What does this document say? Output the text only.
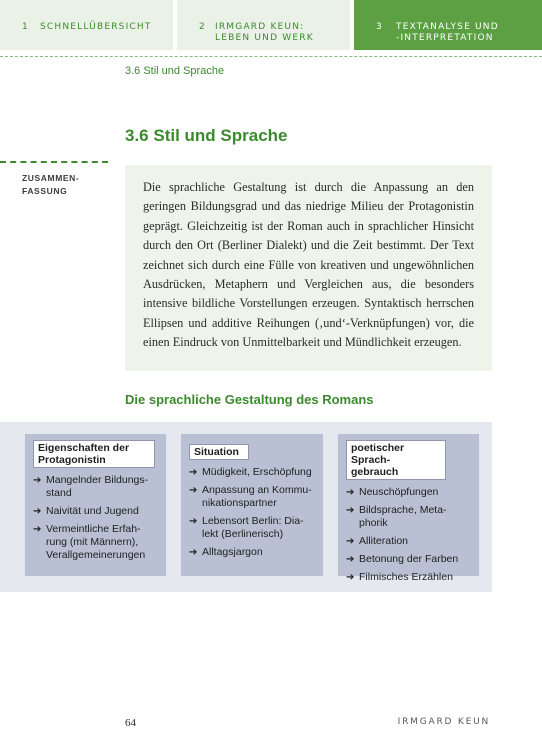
1 SCHNELLÜBERSICHT	2 IRMGARD KEUN:
LEBEN UND WERK
3 TEXTANALYSE UND
-INTERPRETATION
3.6 Stil und Sprache
3.6 Stil und Sprache
ZUSAMMEN-
FASSUNG	Die sprachliche Gestaltung ist durch die Anpassung an den geringen Bildungsgrad und das niedrige Milieu der Protagonistin geprägt. Gleichzeitig ist der Roman auch in sprachlicher Hinsicht durch den Ort (Berliner Dialekt) und die Zeit bestimmt. Der Text zeichnet sich durch eine Fülle von kreativen und ungewöhnlichen Ausdrücken, Metaphern und Vergleichen aus, die besonders intensive bildliche Vorstellungen erzeugen. Syntaktisch herrschen Ellipsen und additive Reihungen (‚und‘-Verknüpfungen) vor, die einen Eindruck von Unmittelbarkeit und Mündlichkeit erzeugen.

Die sprachliche Gestaltung des Romans
Eigenschaften der
Protagonistin
➔ Mangelnder Bildungs-
stand
➔ Naivität und Jugend
➔ Vermeintliche Erfah-
rung (mit Männern),
Verallgemeinerungen
Situation
➔ Müdigkeit, Erschöpfung
➔ Anpassung an Kommu-
nikationspartner
➔ Lebensort Berlin: Dia-
lekt (Berlinerisch)
➔ Alltagsjargon
poetischer Sprach-
gebrauch
➔ Neuschöpfungen
➔ Bildsprache, Meta-
phorik
➔ Alliteration
➔ Betonung der Farben
➔ Filmisches Erzählen
64	IRMGARD KEUN
